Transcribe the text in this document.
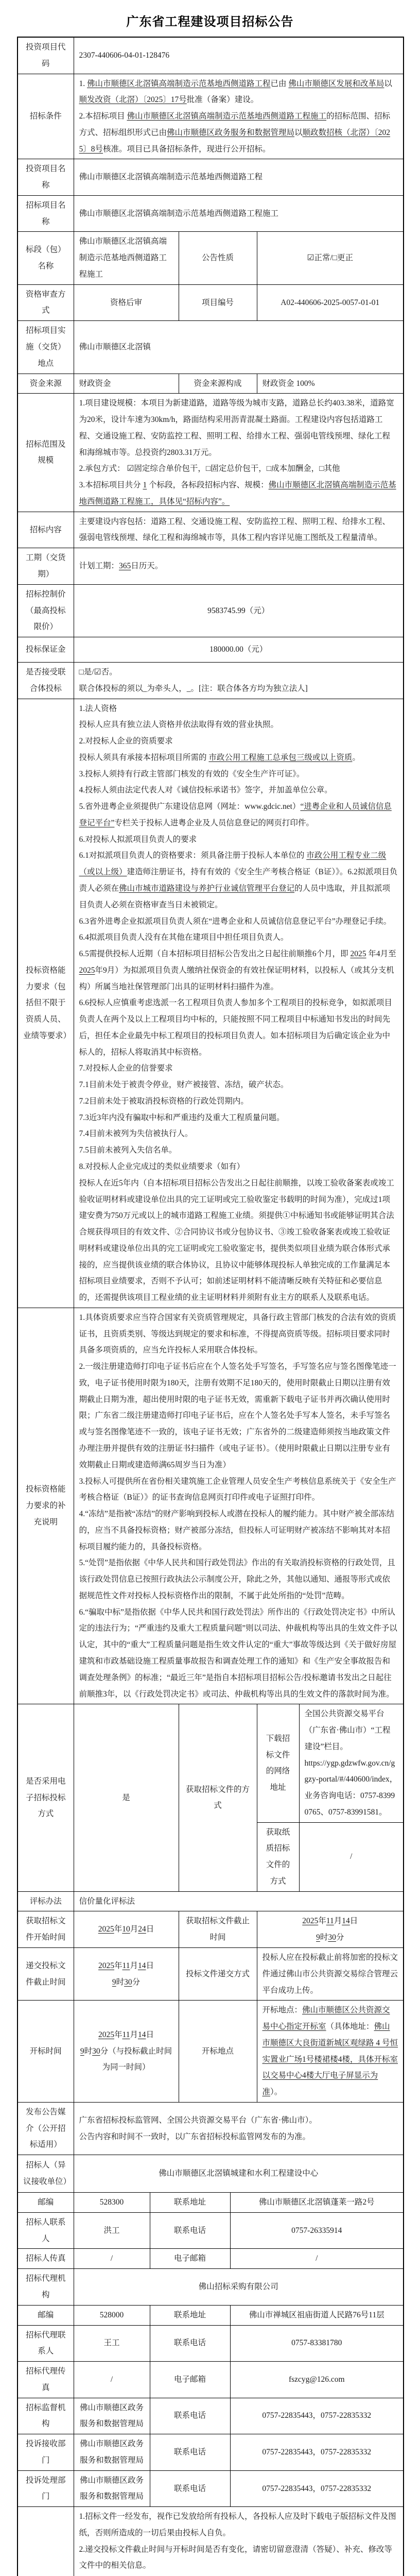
广东省工程建设项目招标公告
投资项目代码	2307-440606-04-01-128476					
招标条件	1. 佛山市顺德区北滘镇高端制造示范基地西侧道路工程已由 佛山市顺德区发展和改革局以顺发改资（北滘）〔2025〕17号批准（备案）建设。
2.本招标项目 佛山市顺德区北滘镇高端制造示范基地西侧道路工程施工的招标范围、招标方式、招标组织形式已由佛山市顺德区政务服务和数据管理局以顺政数招核（北滘）〔2025〕8号核准。项目已具备招标条件，现进行公开招标。					
投资项目名称	佛山市顺德区北滘镇高端制造示范基地西侧道路工程					
招标项目名称	佛山市顺德区北滘镇高端制造示范基地西侧道路工程施工					
标段（包）名称	佛山市顺德区北滘镇高端制造示范基地西侧道路工程施工		公告性质		☑正常/□更正	
资格审查方式	资格后审		项目编号		A02-440606-2025-0057-01-01	
招标项目实施（交货）地点	佛山市顺德区北滘镇					
资金来源	财政资金		资金来源构成		财政资金 100%	
招标范围及规模	1.项目建设规模：本项目为新建道路，道路等级为城市支路，道路总长约403.38米，道路宽为20米，设计车速为30km/h，路面结构采用沥青混凝土路面。工程建设内容包括道路工程、交通设施工程、安防监控工程、照明工程、给排水工程、强弱电管线预埋、绿化工程和海绵城市等。总投资约2803.31万元。
2.承包方式： ☑固定综合单价包干，□固定总价包干，□成本加酬金，□其他
3.本招标项目共分 1 个标段，各标段招标内容、规模：佛山市顺德区北滘镇高端制造示范基地西侧道路工程施工，具体见“招标内容”。					
招标内容	主要建设内容包括：道路工程、交通设施工程、安防监控工程、照明工程、给排水工程、强弱电管线预埋、绿化工程和海绵城市等，具体工程内容详见施工图纸及工程量清单。					
工期（交货期）	计划工期：365日历天。					
招标控制价（最高投标限价）	9583745.99（元）					
投标保证金	180000.00（元）					
是否接受联合体投标	□是/☑否。
联合体投标的须以_为牵头人，_。[注：联合体各方均为独立法人]					
投标资格能力要求（包括但不限于资质人员、业绩等要求）	1.法人资格
投标人应具有独立法人资格并依法取得有效的营业执照。
2.对投标人企业的资质要求
投标人须具有承接本招标项目所需的 市政公用工程施工总承包三级或以上资质。
3.投标人须持有行政主管部门核发的有效的《安全生产许可证》。
4.投标人须由法定代表人对《诚信投标承诺书》签字，并加盖单位公章。
5.省外进粤企业须提供广东建设信息网（网址：www.gdcic.net）“进粤企业和人员诚信信息登记平台”专栏关于投标人进粤企业及人员信息登记的网页打印件。
6.对投标人拟派项目负责人的要求
6.1对拟派项目负责人的资格要求：须具备注册于投标人本单位的 市政公用工程专业二级（或以上级）建造师注册证书，持有有效的《安全生产考核合格证（B证）》。6.2拟派项目负责人必须在佛山市城市道路建设与养护行业诚信管理平台登记的人员中选取，并且拟派项目负责人必须在资格审查当日未被锁定。
6.3省外进粤企业拟派项目负责人须在“进粤企业和人员诚信信息登记平台”办理登记手续。
6.4拟派项目负责人没有在其他在建项目中担任项目负责人。
6.5需提供投标人近期（自本招标项目招标公告发出之日起往前顺推6个月，即 2025 年4月至 2025年9月）为拟派项目负责人缴纳社保资金的有效社保证明材料，以投标人（或其分支机构）所属当地社保管理部门出具的证明材料扫描件为准。
6.6投标人应慎重考虑选派一名工程项目负责人参加多个工程项目的投标竞争，如拟派项目负责人在两个及以上工程项目均中标的，只能按照不同工程项目中标通知书发出的时间先后，担任本企业最先中标工程项目的投标项目负责人。如本招标项目为后确定该企业为中标人的，招标人将取消其中标资格。
7.对投标人企业的信誉要求
7.1目前未处于被责令停业，财产被接管、冻结，破产状态。
7.2目前未处于被取消投标资格的行政处罚期内。
7.3近3年内没有骗取中标和严重违约及重大工程质量问题。
7.4目前未被列为失信被执行人。
7.5目前未被列入失信名单。
8.对投标人企业完成过的类似业绩要求（如有）
投标人在近5年内（自本招标项目招标公告发出之日起往前顺推，以竣工验收备案表或竣工验收证明材料或建设单位出具的完工证明或完工验收鉴定书载明的时间为准），完成过1项建安费为750万元或以上的城市道路工程施工业绩。须提供①中标通知书或能够证明其合法合规获得项目的有效文件、②合同协议书或分包协议书、③竣工验收备案表或竣工验收证明材料或建设单位出具的完工证明或完工验收鉴定书，提供类似项目业绩为联合体形式承接的，应当提供该业绩的联合体协议，且协议中能够体现投标人单独完成的工作量满足本招标项目业绩要求，否则不予认可；如前述证明材料不能清晰反映有关特征和必要信息的，还需提供该项目工程业绩的业主证明材料并须附有业主方的联系人及联系电话。
投标资格能力要求的补充说明	1.具体资质要求应当符合国家有关资质管理规定，具备行政主管部门核发的合法有效的资质证书，且资质类别、等级达到规定的要求和标准，不得提高资质等级。招标项目要求同时具备多项资质的，应当允许投标人采用联合体投标。
2.一级注册建造师打印电子证书后应在个人签名处手写签名，手写签名应与签名图像笔迹一致，电子证书使用时限为180天，注册有效期不足180天的，使用时限截止日期以注册有效期截止日期为准，超出使用时限的电子证书无效，需重新下载电子证书并再次确认使用时限；广东省二级注册建造师打印电子证书后，应在个人签名处手写本人签名，未手写签名或与签名图像笔迹不一致的，该电子证书无效；广东省外的二级建造师须按当地政策文件办理注册并提供有效的注册证书扫描件（或电子证书）。（使用时限截止日期以注册专业有效期截止日期或建造师满65周岁当日为准）
3.投标人可提供所在省份相关建筑施工企业管理人员安全生产考核信息系统关于《安全生产考核合格证（B证）》的证书查询信息网页打印件或电子证照打印件。
4.“冻结”是指被“冻结”的财产影响到投标人或潜在投标人的履约能力。其中财产被全部冻结的，应当不具备投标资格；财产被部分冻结，但投标人可证明财产被冻结不影响其对本招标项目履约能力的，具备投标资格。
5.“处罚”是指依据《中华人民共和国行政处罚法》作出的有关取消投标资格的行政处罚，且该行政处罚信息已按照行政执法公示制度公开，除此之外，其他以通知、通报等形式或依据规范性文件对投标人投标资格作出的限制，不属于此处所指的“处罚”范畴。
6.“骗取中标”是指依据《中华人民共和国行政处罚法》所作出的《行政处罚决定书》中所认定的违法行为；“严重违约及重大工程质量问题”则以司法、仲裁机构等出具的生效文件予以认定，其中的“重大”工程质量问题是指生效文件认定的“重大”事故等级达到《关于做好房屋建筑和市政基础设施工程质量事故报告和调查处理工作的通知》和《生产安全事故报告和调查处理条例》的标准；“最近三年”是指自本招标项目招标公告/投标邀请书发出之日起往前顺推3年，以《行政处罚决定书》或司法、仲裁机构等出具的生效文件的落款时间为准。
是否采用电子招标投标方式	是		获取招标文件的方式		下载招标文件的网络地址	全国公共资源交易平台（广东省·佛山市）“工程建设”栏目。
https://ygp.gdzwfw.gov.cn/ggzy-portal/#/440600/index，业务咨询电话：0757-83990765、0757-83991581。
					获取纸质招标文件的方式	/
评标办法	信价量化评标法					
获取招标文件开始时间	2025年10月24日		获取招标文件截止时间		2025年11月14日
9时30分	
递交投标文件截止时间	2025年11月14日
9时30分		投标文件递交方式		投标人应在投标截止前将加密的投标文件通过佛山市公共资源交易综合管理云平台成功上传。	
开标时间	2025年11月14日
9时30分（与投标截止时间为同一时间）		开标地点		开标地点：佛山市顺德区公共资源交易中心指定开标室（具体地址：佛山市顺德区大良街道新城区观绿路 4 号恒实置业广场1号楼裙楼4楼，具体开标室以交易中心4楼大厅电子屏显示为准）。	
发布公告媒介（公开招标适用）	广东省招标投标监管网、全国公共资源交易平台（广东省·佛山市）。
公告内容和时间不一致时，以广东省招标投标监管网发布的为准。					
招标人（异议接收单位）	佛山市顺德区北滘镇城建和水利工程建设中心					
邮编	528300	联系地址		佛山市顺德区北滘镇蓬莱一路2号		
招标人联系人	洪工	联系电话		0757-26335914		
招标人传真	/	电子邮箱		/		
招标代理机构	佛山招标采购有限公司					
邮编	528000	联系地址		佛山市禅城区祖庙街道人民路76号11层		
招标代理联系人	王工	联系电话		0757-83381780		
招标代理传真	/	电子邮箱		fszcyg@126.com		
招标监督机构	佛山市顺德区政务服务和数据管理局	联系电话		0757-22835443，0757-22835332		
投诉接收部门	佛山市顺德区政务服务和数据管理局	联系电话		0757-22835443，0757-22835332		
投诉处理部门	佛山市顺德区政务服务和数据管理局	联系电话		0757-22835443，0757-22835332		
	1.招标文件一经发布，视作已发放给所有投标人，各投标人应及时下载电子版招标文件及图纸，否则所造成的一切后果由投标人自负。
2.递交投标文件截止时间与开标时间是否有变化，请密切留意澄清（答疑）、补充、修改等文件中的相关信息。
